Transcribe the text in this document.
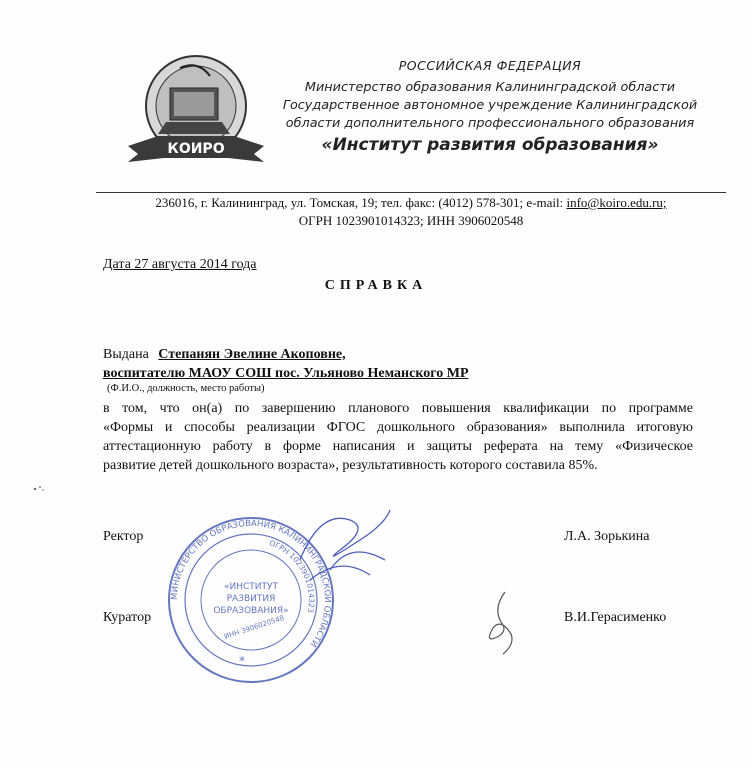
КОИРО
РОССИЙСКАЯ ФЕДЕРАЦИЯ
Министерство образования Калининградской области
Государственное автономное учреждение Калининградской
области дополнительного профессионального образования
«Институт развития образования»
236016, г. Калининград, ул. Томская, 19; тел. факс: (4012) 578-301; e-mail: info@koiro.edu.ru;
ОГРН 1023901014323; ИНН 3906020548
Дата 27 августа 2014 года
СПРАВКА
Выдана Степанян Эвелине Акоповне,
воспитателю МАОУ СОШ пос. Ульяново Неманского МР
(Ф.И.О., должность, место работы)
в том, что он(а) по завершению планового повышения квалификации по программе
«Формы и способы реализации ФГОС дошкольного образования» выполнила итоговую
аттестационную работу в форме написания и защиты реферата на тему «Физическое
развитие детей дошкольного возраста», результативность которого составила 85%.
МИНИСТЕРСТВО ОБРАЗОВАНИЯ КАЛИНИНГРАДСКОЙ ОБЛАСТИ
ОГРН 1023901014323
«ИНСТИТУТ
РАЗВИТИЯ
ОБРАЗОВАНИЯ»
ИНН 3906020548
*
Ректор	Л.А. Зорькина
Куратор	В.И.Герасименко
